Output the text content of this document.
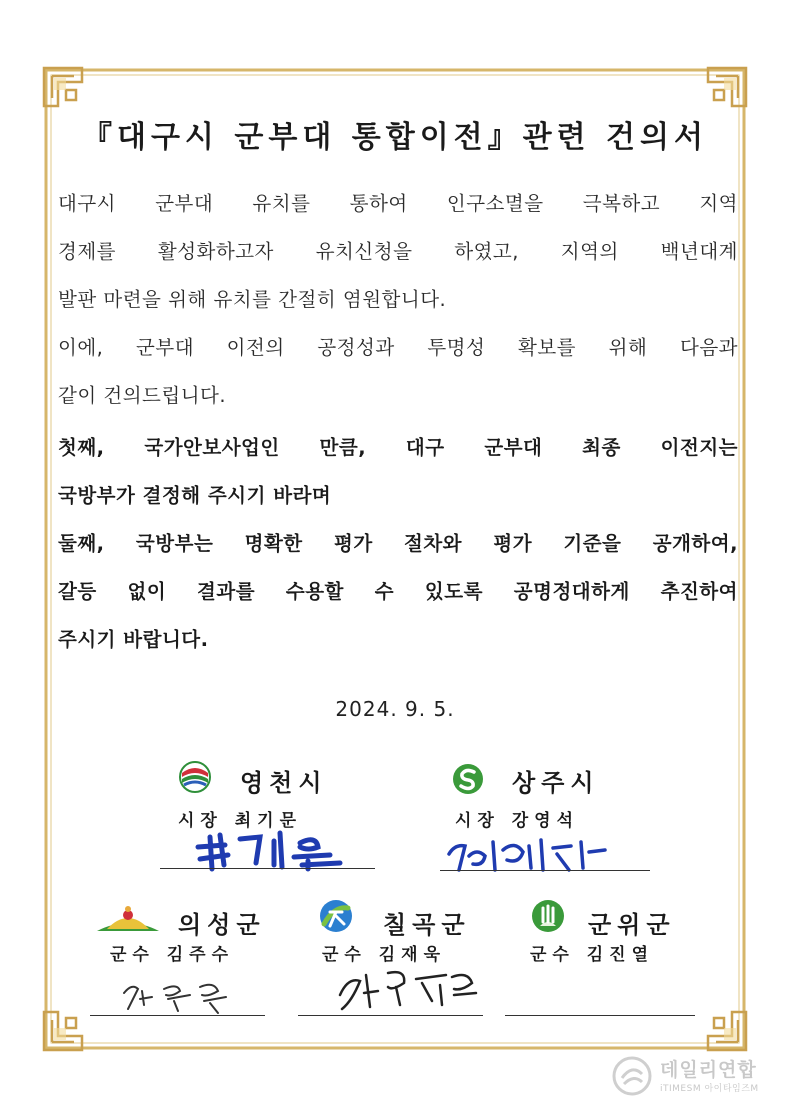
『대구시 군부대 통합이전』관련 건의서
대구시 군부대 유치를 통하여 인구소멸을 극복하고 지역
경제를 활성화하고자 유치신청을 하였고, 지역의 백년대계
발판 마련을 위해 유치를 간절히 염원합니다.
이에, 군부대 이전의 공정성과 투명성 확보를 위해 다음과
같이 건의드립니다.
첫째, 국가안보사업인 만큼, 대구 군부대 최종 이전지는
국방부가 결정해 주시기 바라며
둘째, 국방부는 명확한 평가 절차와 평가 기준을 공개하여,
갈등 없이 결과를 수용할 수 있도록 공명정대하게 추진하여
주시기 바랍니다.
2024. 9. 5.
영천시
시장 최기문
상주시
시장 강영석
의성군
군수 김주수
칠곡군
군수 김재욱
군위군
군수 김진열
데일리연합
iTIMESM 아이타임즈M
